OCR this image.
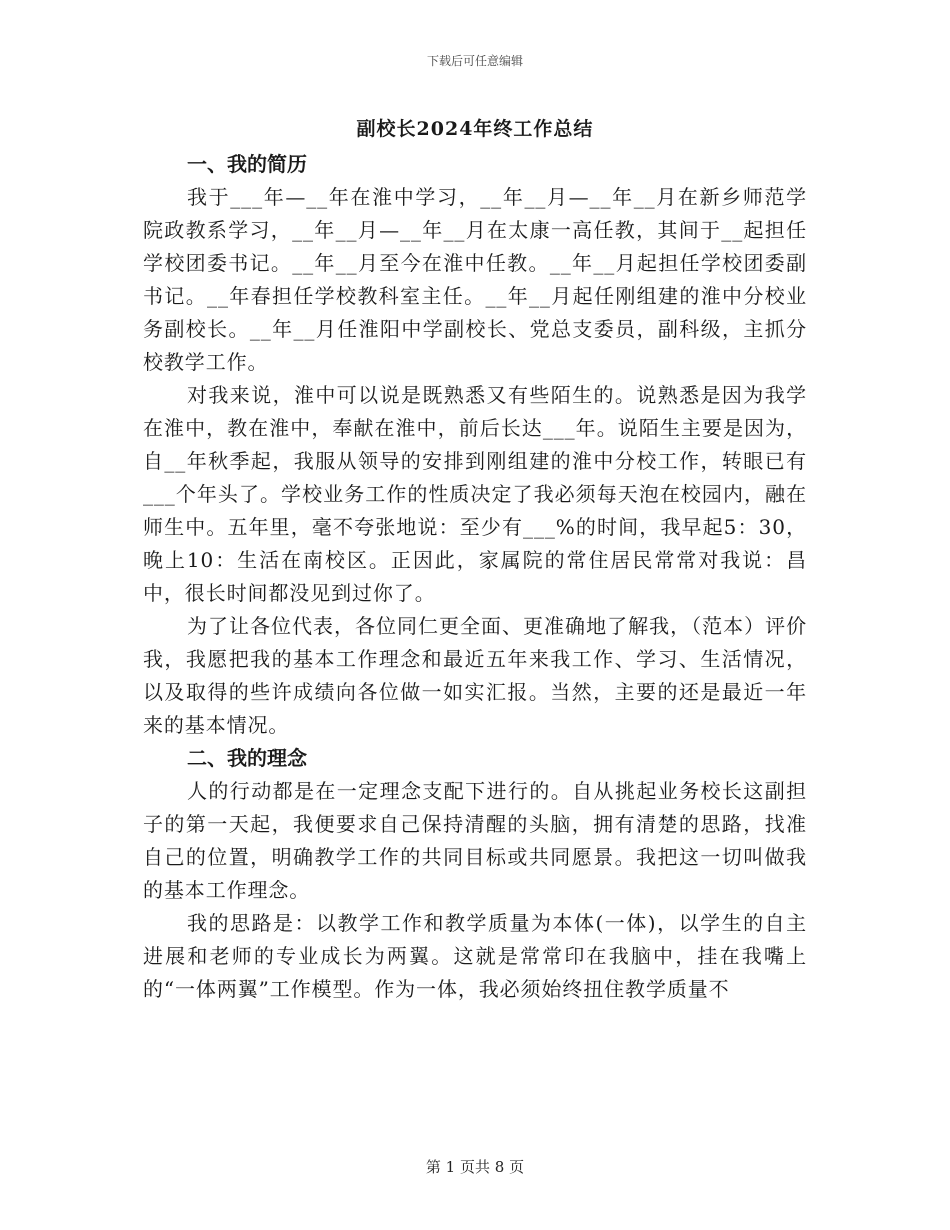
下载后可任意编辑
副校长2024年终工作总结

一、我的简历

我于___年—__年在淮中学习，__年__月—__年__月在新乡师范学院政教系学习，__年__月—__年__月在太康一高任教，其间于__起担任学校团委书记。__年__月至今在淮中任教。__年__月起担任学校团委副书记。__年春担任学校教科室主任。__年__月起任刚组建的淮中分校业务副校长。__年__月任淮阳中学副校长、党总支委员，副科级，主抓分校教学工作。

对我来说，淮中可以说是既熟悉又有些陌生的。说熟悉是因为我学在淮中，教在淮中，奉献在淮中，前后长达___年。说陌生主要是因为，自__年秋季起，我服从领导的安排到刚组建的淮中分校工作，转眼已有___个年头了。学校业务工作的性质决定了我必须每天泡在校园内，融在师生中。五年里，毫不夸张地说：至少有___%的时间，我早起5：30，晚上10：生活在南校区。正因此，家属院的常住居民常常对我说：昌中，很长时间都没见到过你了。

为了让各位代表，各位同仁更全面、更准确地了解我，（范本）评价我，我愿把我的基本工作理念和最近五年来我工作、学习、生活情况，以及取得的些许成绩向各位做一如实汇报。当然，主要的还是最近一年来的基本情况。

二、我的理念

人的行动都是在一定理念支配下进行的。自从挑起业务校长这副担子的第一天起，我便要求自己保持清醒的头脑，拥有清楚的思路，找准自己的位置，明确教学工作的共同目标或共同愿景。我把这一切叫做我的基本工作理念。

我的思路是：以教学工作和教学质量为本体(一体)，以学生的自主进展和老师的专业成长为两翼。这就是常常印在我脑中，挂在我嘴上的“一体两翼”工作模型。作为一体，我必须始终扭住教学质量不

第 1 页共 8 页
